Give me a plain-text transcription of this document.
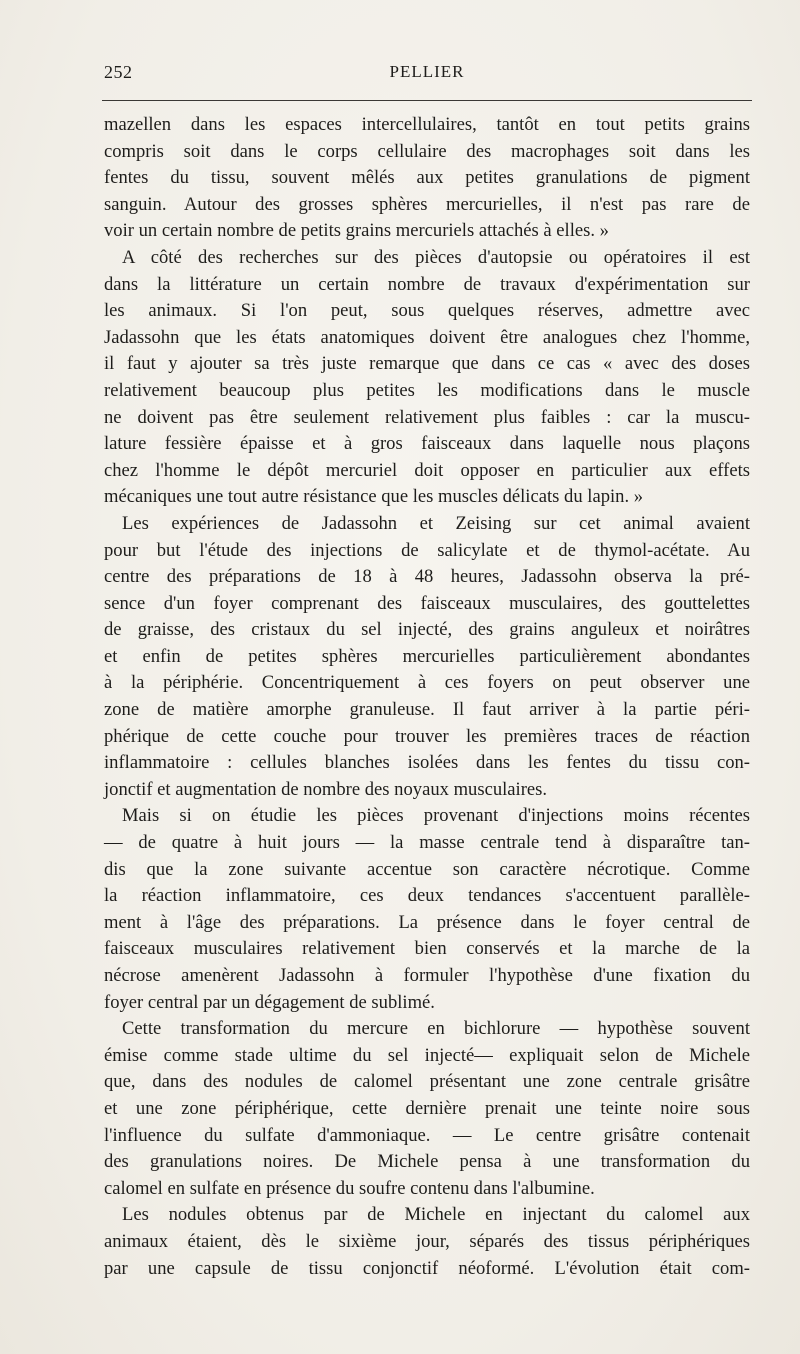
252	PELLIER
mazellen dans les espaces intercellulaires, tantôt en tout petits grains
compris soit dans le corps cellulaire des macrophages soit dans les
fentes du tissu, souvent mêlés aux petites granulations de pigment
sanguin. Autour des grosses sphères mercurielles, il n'est pas rare de
voir un certain nombre de petits grains mercuriels attachés à elles. »
A côté des recherches sur des pièces d'autopsie ou opératoires il est
dans la littérature un certain nombre de travaux d'expérimentation sur
les animaux. Si l'on peut, sous quelques réserves, admettre avec
Jadassohn que les états anatomiques doivent être analogues chez l'homme,
il faut y ajouter sa très juste remarque que dans ce cas « avec des doses
relativement beaucoup plus petites les modifications dans le muscle
ne doivent pas être seulement relativement plus faibles : car la muscu-
lature fessière épaisse et à gros faisceaux dans laquelle nous plaçons
chez l'homme le dépôt mercuriel doit opposer en particulier aux effets
mécaniques une tout autre résistance que les muscles délicats du lapin. »
Les expériences de Jadassohn et Zeising sur cet animal avaient
pour but l'étude des injections de salicylate et de thymol-acétate. Au
centre des préparations de 18 à 48 heures, Jadassohn observa la pré-
sence d'un foyer comprenant des faisceaux musculaires, des gouttelettes
de graisse, des cristaux du sel injecté, des grains anguleux et noirâtres
et enfin de petites sphères mercurielles particulièrement abondantes
à la périphérie. Concentriquement à ces foyers on peut observer une
zone de matière amorphe granuleuse. Il faut arriver à la partie péri-
phérique de cette couche pour trouver les premières traces de réaction
inflammatoire : cellules blanches isolées dans les fentes du tissu con-
jonctif et augmentation de nombre des noyaux musculaires.
Mais si on étudie les pièces provenant d'injections moins récentes
— de quatre à huit jours — la masse centrale tend à disparaître tan-
dis que la zone suivante accentue son caractère nécrotique. Comme
la réaction inflammatoire, ces deux tendances s'accentuent parallèle-
ment à l'âge des préparations. La présence dans le foyer central de
faisceaux musculaires relativement bien conservés et la marche de la
nécrose amenèrent Jadassohn à formuler l'hypothèse d'une fixation du
foyer central par un dégagement de sublimé.
Cette transformation du mercure en bichlorure — hypothèse souvent
émise comme stade ultime du sel injecté— expliquait selon de Michele
que, dans des nodules de calomel présentant une zone centrale grisâtre
et une zone périphérique, cette dernière prenait une teinte noire sous
l'influence du sulfate d'ammoniaque. — Le centre grisâtre contenait
des granulations noires. De Michele pensa à une transformation du
calomel en sulfate en présence du soufre contenu dans l'albumine.
Les nodules obtenus par de Michele en injectant du calomel aux
animaux étaient, dès le sixième jour, séparés des tissus périphériques
par une capsule de tissu conjonctif néoformé. L'évolution était com-
